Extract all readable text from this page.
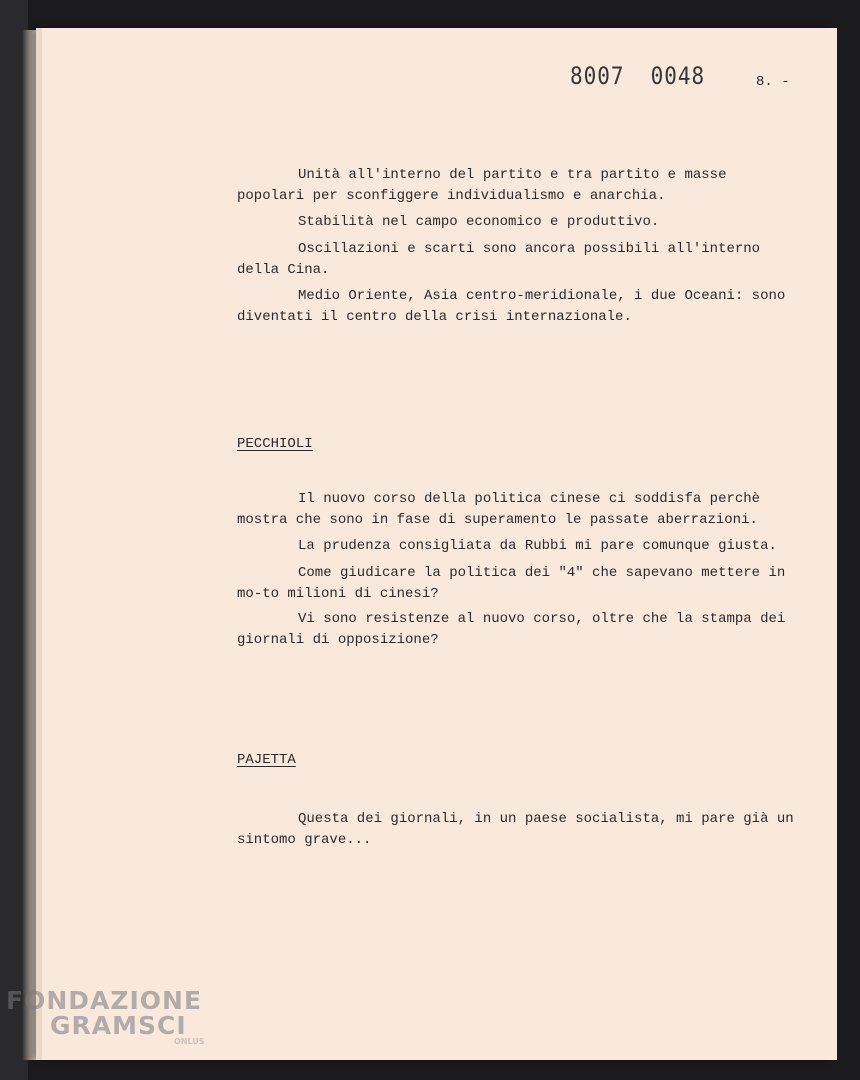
8007 0048	8. -
Unità all'interno del partito e tra partito e masse popolari per sconfiggere individualismo e anarchia.
Stabilità nel campo economico e produttivo.
Oscillazioni e scarti sono ancora possibili all'interno della Cina.
Medio Oriente, Asia centro-meridionale, i due Oceani: sono diventati il centro della crisi internazionale.
PECCHIOLI
Il nuovo corso della politica cinese ci soddisfa perchè mostra che sono in fase di superamento le passate aberrazioni.
La prudenza consigliata da Rubbi mi pare comunque giusta.
Come giudicare la politica dei "4" che sapevano mettere in mo-to milioni di cinesi?
Vi sono resistenze al nuovo corso, oltre che la stampa dei giornali di opposizione?
PAJETTA
Questa dei giornali, in un paese socialista, mi pare già un sintomo grave...
FONDAZIONE
GRAMSCI
ONLUS
